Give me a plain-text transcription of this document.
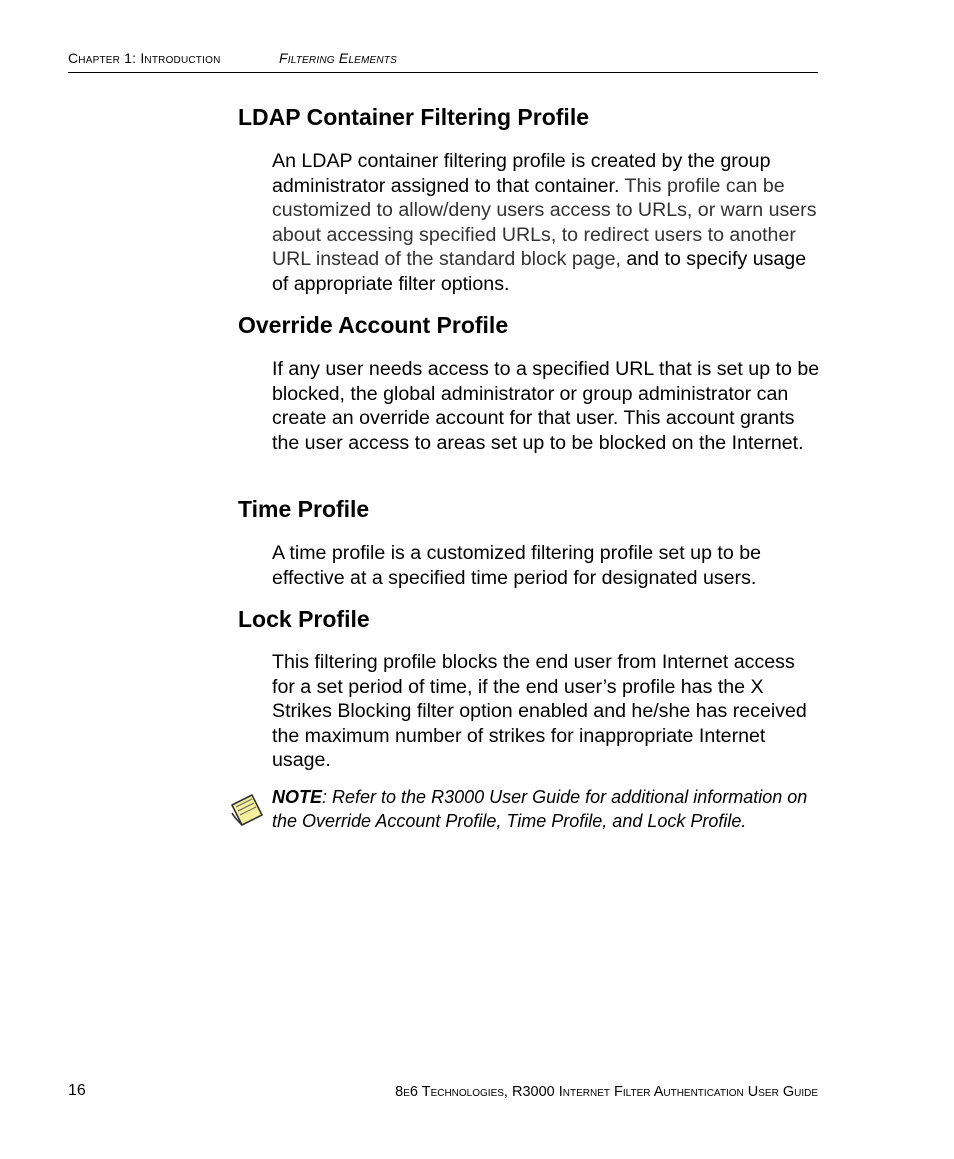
Chapter 1: Introduction	Filtering Elements
LDAP Container Filtering Profile

An LDAP container filtering profile is created by the group administrator assigned to that container. This profile can be customized to allow/deny users access to URLs, or warn users about accessing specified URLs, to redirect users to another URL instead of the standard block page, and to specify usage of appropriate filter options.

Override Account Profile

If any user needs access to a specified URL that is set up to be blocked, the global administrator or group administrator can create an override account for that user. This account grants the user access to areas set up to be blocked on the Internet.

Time Profile

A time profile is a customized filtering profile set up to be effective at a specified time period for designated users.

Lock Profile

This filtering profile blocks the end user from Internet access for a set period of time, if the end user’s profile has the X Strikes Blocking filter option enabled and he/she has received the maximum number of strikes for inappropriate Internet usage.

NOTE: Refer to the R3000 User Guide for additional information on the Override Account Profile, Time Profile, and Lock Profile.

16	8e6 Technologies, R3000 Internet Filter Authentication User Guide
